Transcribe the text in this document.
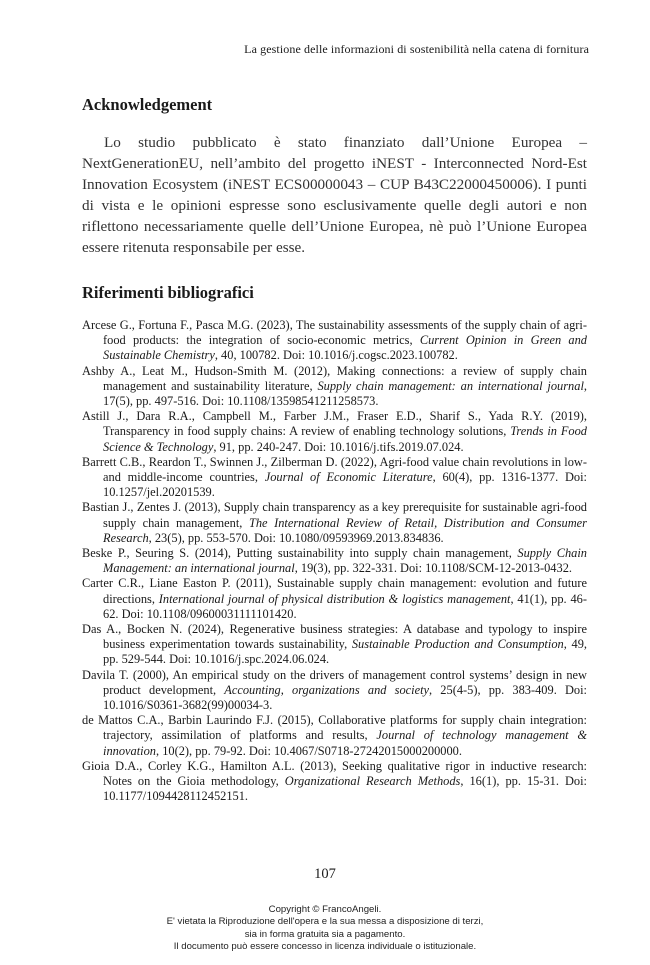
La gestione delle informazioni di sostenibilità nella catena di fornitura
Acknowledgement

Lo studio pubblicato è stato finanziato dall’Unione Europea – NextGenerationEU, nell’ambito del progetto iNEST - Interconnected Nord-Est Innovation Ecosystem (iNEST ECS00000043 – CUP B43C22000450006). I punti di vista e le opinioni espresse sono esclusivamente quelle degli autori e non riflettono necessariamente quelle dell’Unione Europea, nè può l’Unione Europea essere ritenuta responsabile per esse.

Riferimenti bibliografici
Arcese G., Fortuna F., Pasca M.G. (2023), The sustainability assessments of the supply chain of agri-food products: the integration of socio-economic metrics, Current Opinion in Green and Sustainable Chemistry, 40, 100782. Doi: 10.1016/j.cogsc.2023.100782.
Ashby A., Leat M., Hudson-Smith M. (2012), Making connections: a review of supply chain management and sustainability literature, Supply chain management: an international journal, 17(5), pp. 497-516. Doi: 10.1108/13598541211258573.
Astill J., Dara R.A., Campbell M., Farber J.M., Fraser E.D., Sharif S., Yada R.Y. (2019), Transparency in food supply chains: A review of enabling technology solutions, Trends in Food Science & Technology, 91, pp. 240-247. Doi: 10.1016/j.tifs.2019.07.024.
Barrett C.B., Reardon T., Swinnen J., Zilberman D. (2022), Agri-food value chain revolutions in low-and middle-income countries, Journal of Economic Literature, 60(4), pp. 1316-1377. Doi: 10.1257/jel.20201539.
Bastian J., Zentes J. (2013), Supply chain transparency as a key prerequisite for sustainable agri-food supply chain management, The International Review of Retail, Distribution and Consumer Research, 23(5), pp. 553-570. Doi: 10.1080/09593969.2013.834836.
Beske P., Seuring S. (2014), Putting sustainability into supply chain management, Supply Chain Management: an international journal, 19(3), pp. 322-331. Doi: 10.1108/SCM-12-2013-0432.
Carter C.R., Liane Easton P. (2011), Sustainable supply chain management: evolution and future directions, International journal of physical distribution & logistics management, 41(1), pp. 46-62. Doi: 10.1108/09600031111101420.
Das A., Bocken N. (2024), Regenerative business strategies: A database and typology to inspire business experimentation towards sustainability, Sustainable Production and Consumption, 49, pp. 529-544. Doi: 10.1016/j.spc.2024.06.024.
Davila T. (2000), An empirical study on the drivers of management control systems’ design in new product development, Accounting, organizations and society, 25(4-5), pp. 383-409. Doi: 10.1016/S0361-3682(99)00034-3.
de Mattos C.A., Barbin Laurindo F.J. (2015), Collaborative platforms for supply chain integration: trajectory, assimilation of platforms and results, Journal of technology management & innovation, 10(2), pp. 79-92. Doi: 10.4067/S0718-27242015000200000.
Gioia D.A., Corley K.G., Hamilton A.L. (2013), Seeking qualitative rigor in inductive research: Notes on the Gioia methodology, Organizational Research Methods, 16(1), pp. 15-31. Doi: 10.1177/1094428112452151.
107
Copyright © FrancoAngeli.
E' vietata la Riproduzione dell'opera e la sua messa a disposizione di terzi,
sia in forma gratuita sia a pagamento.
Il documento può essere concesso in licenza individuale o istituzionale.
